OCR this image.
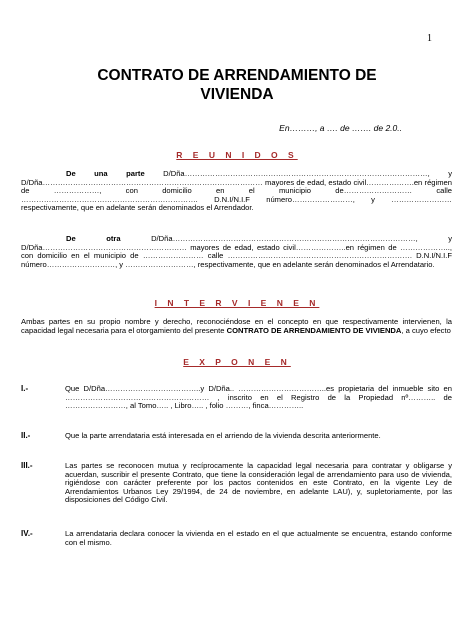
1
CONTRATO DE ARRENDAMIENTO DE
VIVIENDA
En………, a …. de ……. de 2.0..
R E U N I D O S
De una parte D/Dña……………………………………………………………………………………, y D/Dña…………………………………………………………………………… mayores de edad, estado civil……………….en régimen de ………………, con domicilio en el municipio de……………………… calle ……………………………………………………………. D.N.I/N.I.F número……………………, y …………………… respectivamente, que en adelante serán denominados el Arrendador.
De otra D/Dña……………………………………………………………………………………, y D/Dña………………………………………………… mayores de edad, estado civil………………..en régimen de ……………….., con domicilio en el municipio de …………………… calle ………………………………………………………………. D.N.I/N.I.F número………………………, y ………………………, respectivamente, que en adelante serán denominados el Arrendatario.
I N T E R V I E N E N
Ambas partes en su propio nombre y derecho, reconociéndose en el concepto en que respectivamente intervienen, la capacidad legal necesaria para el otorgamiento del presente CONTRATO DE ARRENDAMIENTO DE VIVIENDA, a cuyo efecto
E X P O N E N
I.-	Que D/Dña………………………………..y D/Dña.. ……………………………..es propietaria del inmueble sito en ………………………………………………… , inscrito en el Registro de la Propiedad nº……….. de ……………………, al Tomo….. , Libro….. , folio ………, finca…………..
II.-	Que la parte arrendataria está interesada en el arriendo de la vivienda descrita anteriormente.
III.-	Las partes se reconocen mutua y recíprocamente la capacidad legal necesaria para contratar y obligarse y acuerdan, suscribir el presente Contrato, que tiene la consideración legal de arrendamiento para uso de vivienda, rigiéndose con carácter preferente por los pactos contenidos en este Contrato, en la vigente Ley de Arrendamientos Urbanos Ley 29/1994, de 24 de noviembre, en adelante LAU), y, supletoriamente, por las disposiciones del Código Civil.
IV.-	La arrendataria declara conocer la vivienda en el estado en el que actualmente se encuentra, estando conforme con el mismo.
